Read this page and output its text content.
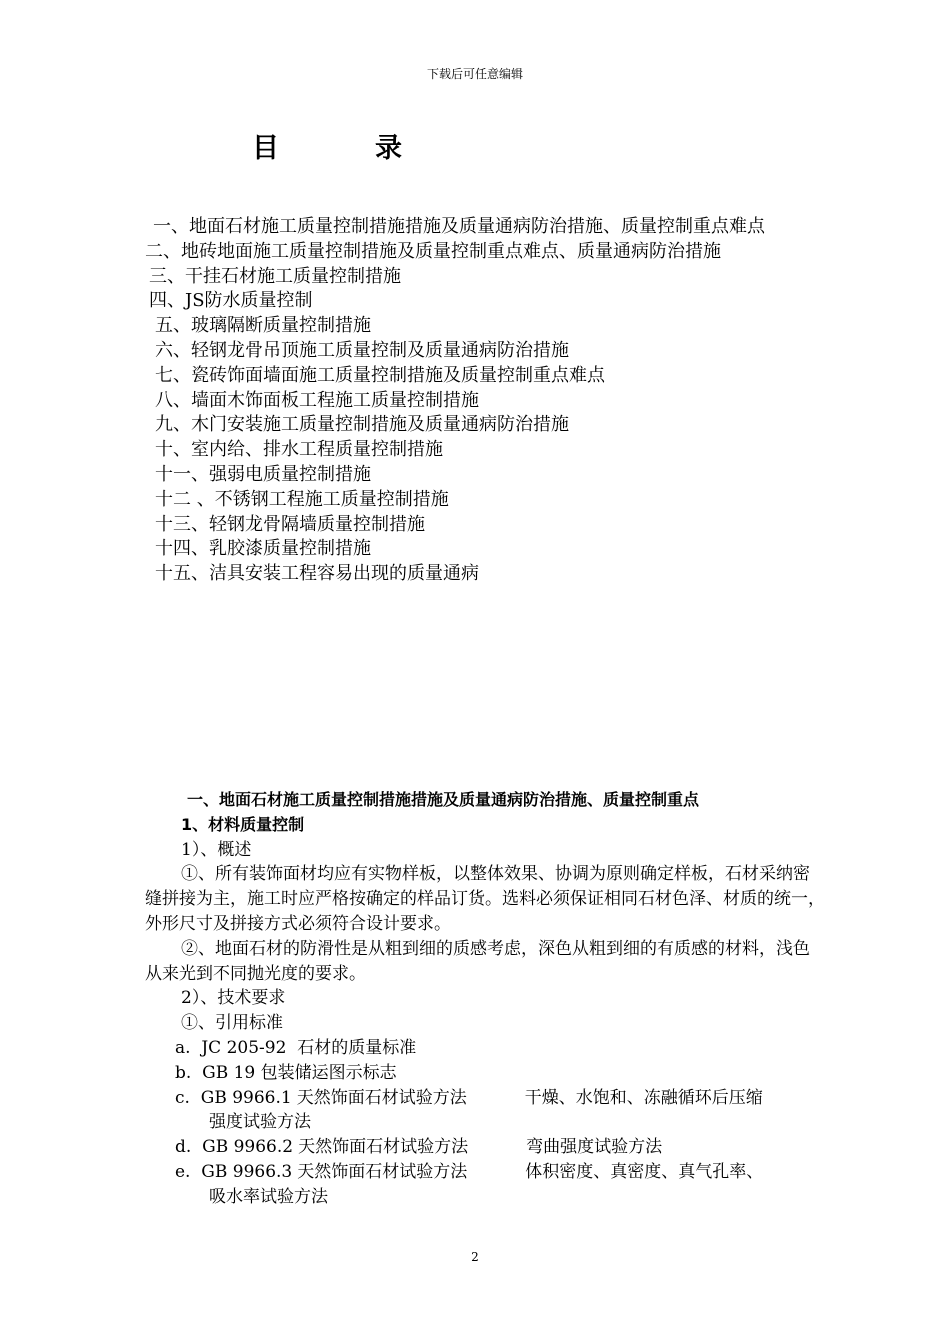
下载后可任意编辑
目	录

一、地面石材施工质量控制措施措施及质量通病防治措施、质量控制重点难点

二、地砖地面施工质量控制措施及质量控制重点难点、质量通病防治措施

三、干挂石材施工质量控制措施

四、JS防水质量控制

五、玻璃隔断质量控制措施

六、轻钢龙骨吊顶施工质量控制及质量通病防治措施

七、瓷砖饰面墙面施工质量控制措施及质量控制重点难点

八、墙面木饰面板工程施工质量控制措施

九、木门安装施工质量控制措施及质量通病防治措施

十、室内给、排水工程质量控制措施

十一、强弱电质量控制措施

十二 、不锈钢工程施工质量控制措施

十三、轻钢龙骨隔墙质量控制措施

十四、乳胶漆质量控制措施

十五、洁具安装工程容易出现的质量通病

一、地面石材施工质量控制措施措施及质量通病防治措施、质量控制重点
1、材料质量控制
1）、概述

①、所有装饰面材均应有实物样板，以整体效果、协调为原则确定样板，石材采纳密缝拼接为主，施工时应严格按确定的样品订货。选料必须保证相同石材色泽、材质的统一，外形尺寸及拼接方式必须符合设计要求。

②、地面石材的防滑性是从粗到细的质感考虑，深色从粗到细的有质感的材料，浅色从来光到不同抛光度的要求。

2）、技术要求
①、引用标准
a. JC 205-92 石材的质量标准
b. GB 19 包装储运图示标志
c. GB 9966.1 天然饰面石材试验方法	干燥、水饱和、冻融循环后压缩
强度试验方法
d. GB 9966.2 天然饰面石材试验方法	弯曲强度试验方法
e. GB 9966.3 天然饰面石材试验方法	体积密度、真密度、真气孔率、
吸水率试验方法
2
